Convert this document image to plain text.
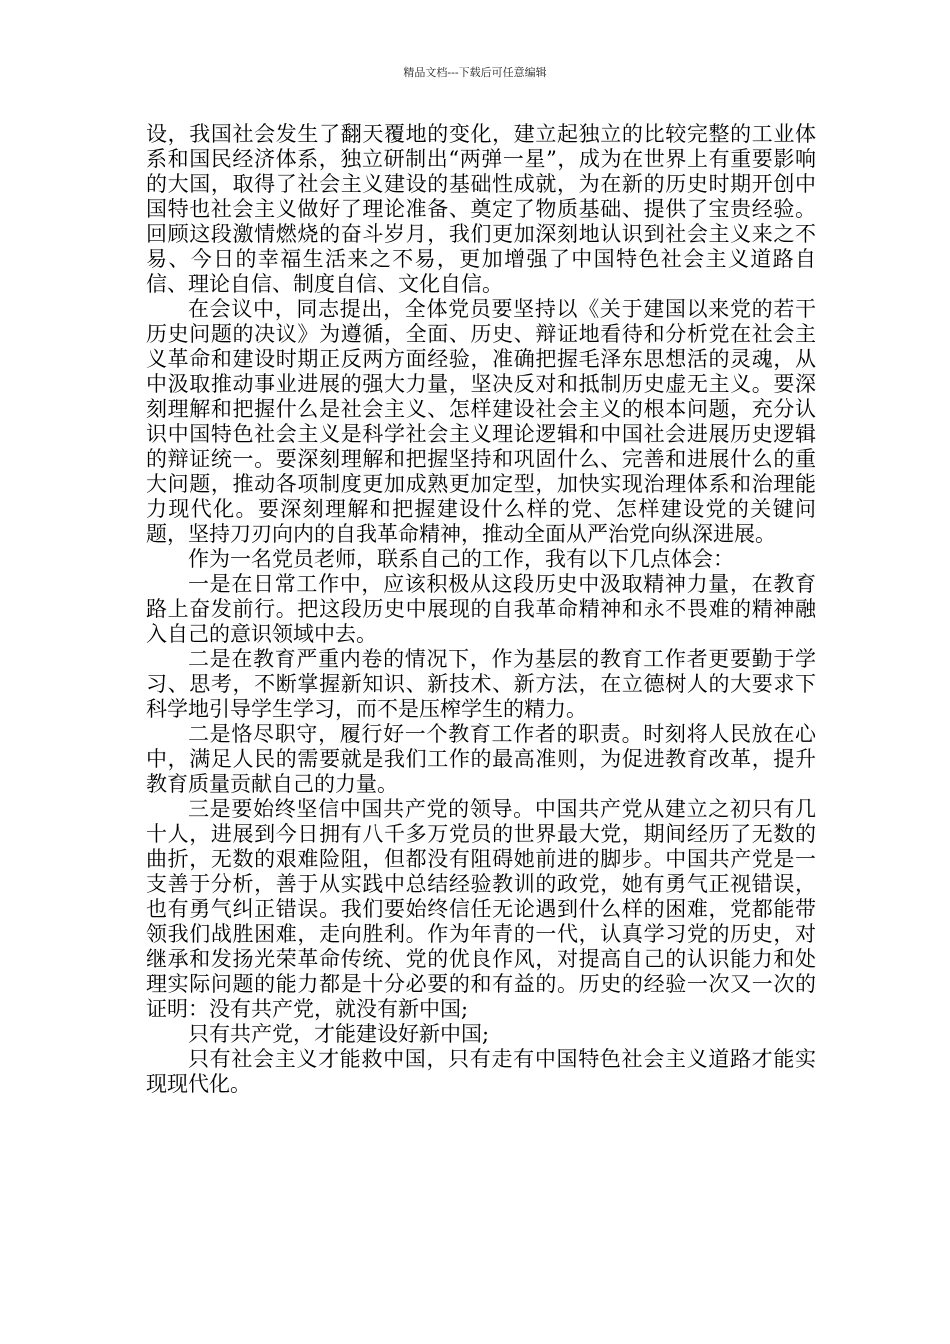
精品文档---下载后可任意编辑

设，我国社会发生了翻天覆地的变化，建立起独立的比较完整的工业体系和国民经济体系，独立研制出“两弹一星”，成为在世界上有重要影响的大国，取得了社会主义建设的基础性成就，为在新的历史时期开创中国特也社会主义做好了理论准备、奠定了物质基础、提供了宝贵经验。回顾这段激情燃烧的奋斗岁月，我们更加深刻地认识到社会主义来之不易、今日的幸福生活来之不易，更加增强了中国特色社会主义道路自信、理论自信、制度自信、文化自信。

在会议中，同志提出，全体党员要坚持以《关于建国以来党的若干历史问题的决议》为遵循，全面、历史、辩证地看待和分析党在社会主义革命和建设时期正反两方面经验，准确把握毛泽东思想活的灵魂，从中汲取推动事业进展的强大力量，坚决反对和抵制历史虚无主义。要深刻理解和把握什么是社会主义、怎样建设社会主义的根本问题，充分认识中国特色社会主义是科学社会主义理论逻辑和中国社会进展历史逻辑的辩证统一。要深刻理解和把握坚持和巩固什么、完善和进展什么的重大问题，推动各项制度更加成熟更加定型，加快实现治理体系和治理能力现代化。要深刻理解和把握建设什么样的党、怎样建设党的关键问题，坚持刀刃向内的自我革命精神，推动全面从严治党向纵深进展。

作为一名党员老师，联系自己的工作，我有以下几点体会：

一是在日常工作中，应该积极从这段历史中汲取精神力量，在教育路上奋发前行。把这段历史中展现的自我革命精神和永不畏难的精神融入自己的意识领域中去。

二是在教育严重内卷的情况下，作为基层的教育工作者更要勤于学习、思考，不断掌握新知识、新技术、新方法，在立德树人的大要求下科学地引导学生学习，而不是压榨学生的精力。

二是恪尽职守，履行好一个教育工作者的职责。时刻将人民放在心中，满足人民的需要就是我们工作的最高准则，为促进教育改革，提升教育质量贡献自己的力量。

三是要始终坚信中国共产党的领导。中国共产党从建立之初只有几十人，进展到今日拥有八千多万党员的世界最大党，期间经历了无数的曲折，无数的艰难险阻，但都没有阻碍她前进的脚步。中国共产党是一支善于分析，善于从实践中总结经验教训的政党，她有勇气正视错误，也有勇气纠正错误。我们要始终信任无论遇到什么样的困难，党都能带领我们战胜困难，走向胜利。作为年青的一代，认真学习党的历史，对继承和发扬光荣革命传统、党的优良作风，对提高自己的认识能力和处理实际问题的能力都是十分必要的和有益的。历史的经验一次又一次的证明：没有共产党，就没有新中国;

只有共产党，才能建设好新中国;

只有社会主义才能救中国，只有走有中国特色社会主义道路才能实现现代化。
